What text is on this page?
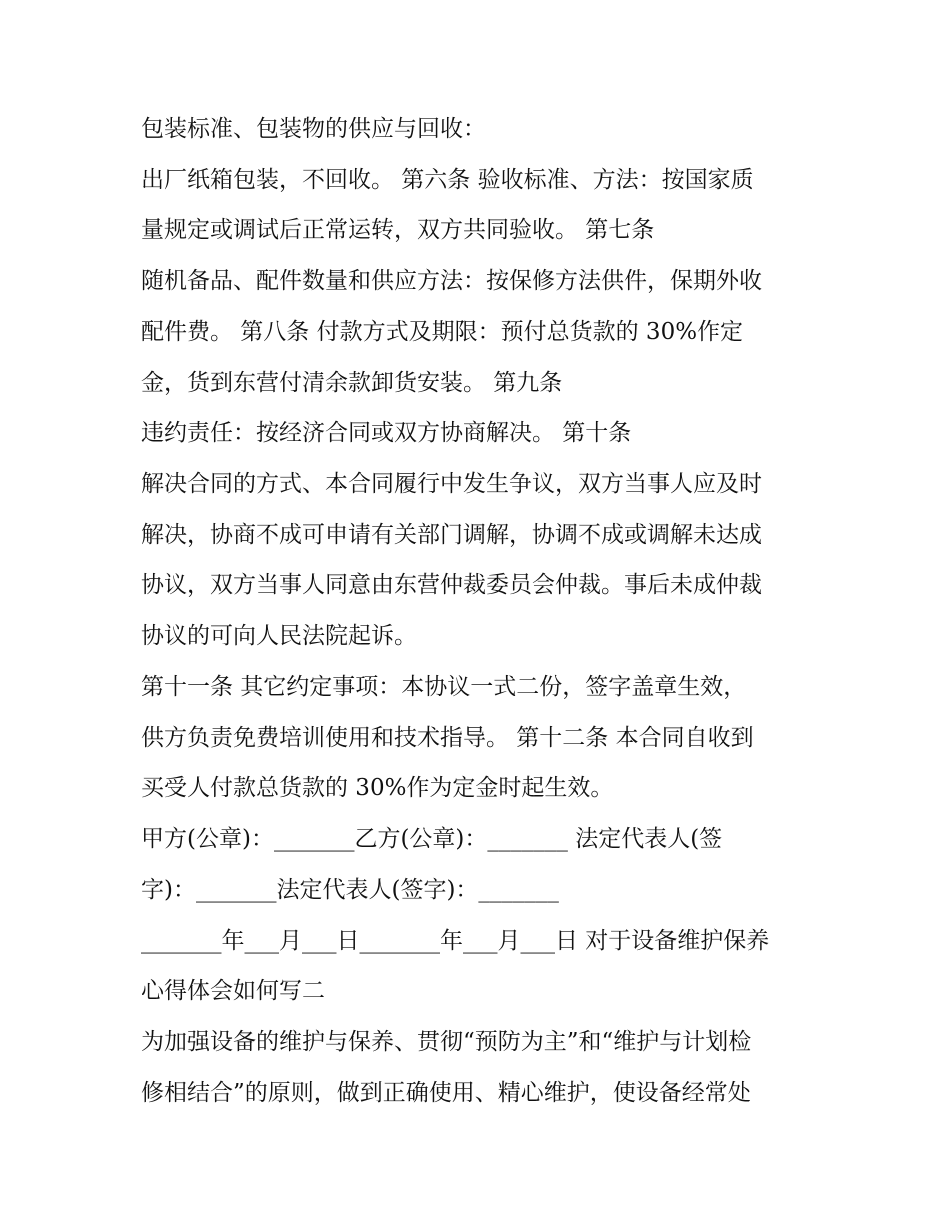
包装标准、包装物的供应与回收：
出厂纸箱包装，不回收。 第六条 验收标准、方法：按国家质
量规定或调试后正常运转，双方共同验收。 第七条
随机备品、配件数量和供应方法：按保修方法供件，保期外收
配件费。 第八条 付款方式及期限：预付总货款的 30%作定
金，货到东营付清余款卸货安装。 第九条
违约责任：按经济合同或双方协商解决。 第十条
解决合同的方式、本合同履行中发生争议，双方当事人应及时
解决，协商不成可申请有关部门调解，协调不成或调解未达成
协议，双方当事人同意由东营仲裁委员会仲裁。事后未成仲裁
协议的可向人民法院起诉。
第十一条 其它约定事项：本协议一式二份，签字盖章生效，
供方负责免费培训使用和技术指导。 第十二条 本合同自收到
买受人付款总货款的 30%作为定金时起生效。
甲方(公章)：_______乙方(公章)：_______ 法定代表人(签
字)：_______法定代表人(签字)：_______
_______年___月___日_______年___月___日 对于设备维护保养
心得体会如何写二
为加强设备的维护与保养、贯彻“预防为主”和“维护与计划检
修相结合”的原则，做到正确使用、精心维护，使设备经常处
